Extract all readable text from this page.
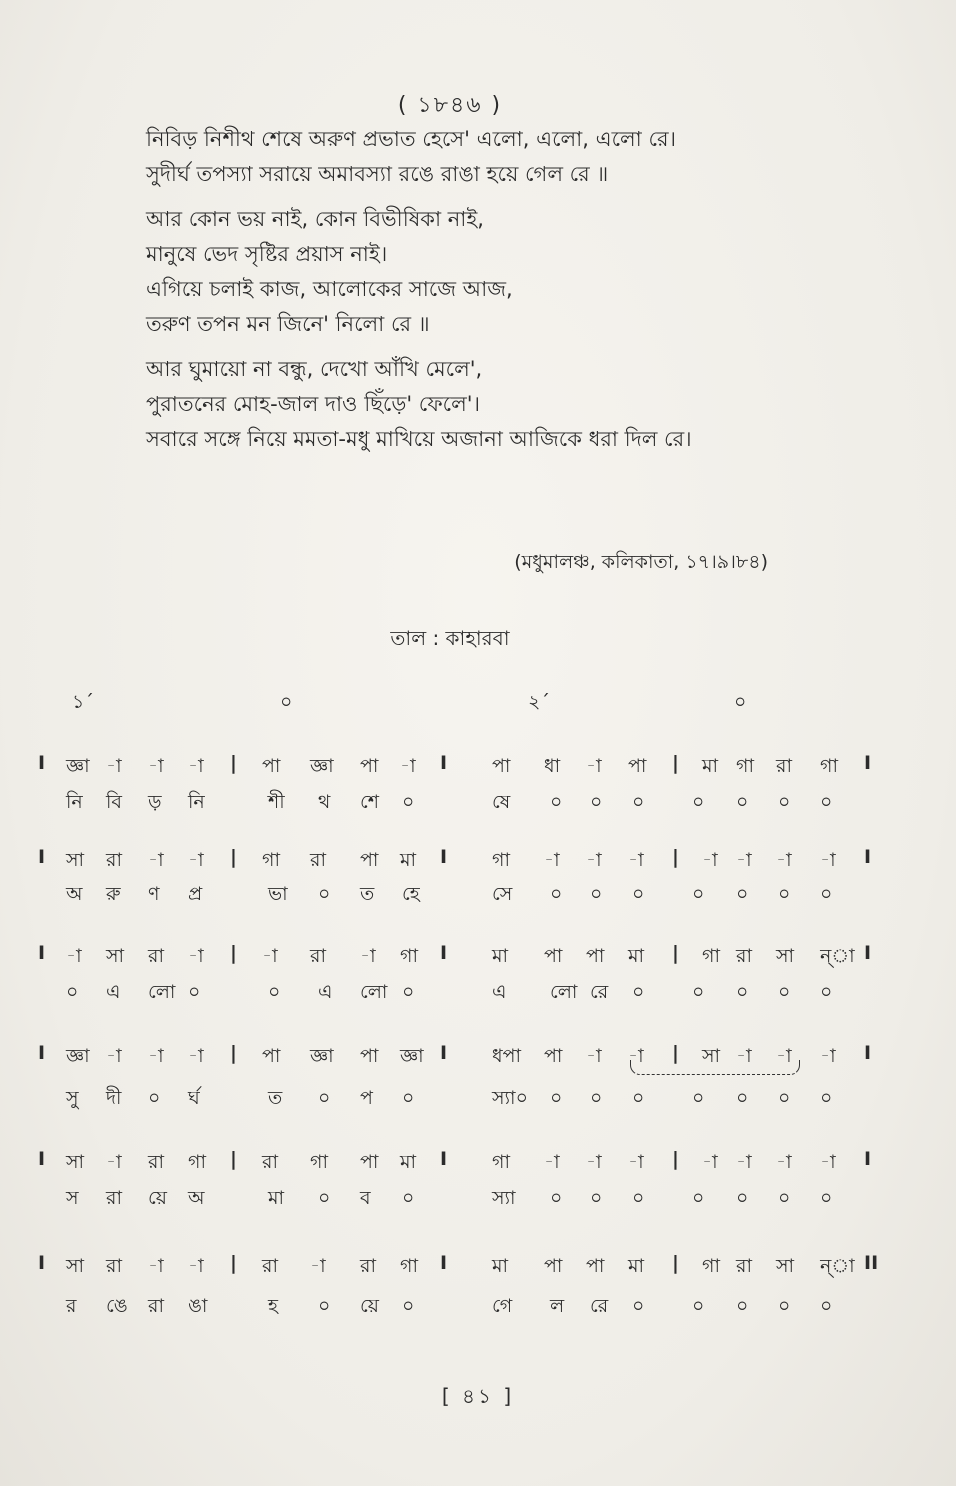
( ১৮৪৬ )
নিবিড় নিশীথ শেষে অরুণ প্রভাত হেসে' এলো, এলো, এলো রে।
সুদীর্ঘ তপস্যা সরায়ে অমাবস্যা রঙে রাঙা হয়ে গেল রে ॥
আর কোন ভয় নাই, কোন বিভীষিকা নাই,
মানুষে ভেদ সৃষ্টির প্রয়াস নাই।
এগিয়ে চলাই কাজ, আলোকের সাজে আজ,
তরুণ তপন মন জিনে' নিলো রে ॥
আর ঘুমায়ো না বন্ধু, দেখো আঁখি মেলে',
পুরাতনের মোহ-জাল দাও ছিঁড়ে' ফেলে'।
সবারে সঙ্গে নিয়ে মমতা-মধু মাখিয়ে অজানা আজিকে ধরা দিল রে।
(মধুমালঞ্চ, কলিকাতা, ১৭।৯।৮৪)
তাল : কাহারবা
১´	০	২´	০
I জ্ঞা -া -া -া | পা জ্ঞা পা -া I পা ধা -া পা | মা গা রা গা I
নি বি ড় নি	শী থ শে ০	ষে ০ ০ ০	০ ০ ০ ০
I সা রা -া -া | গা রা পা মা I গা -া -া -া | -া -া -া -া I
অ রু ণ প্র	ভা ০ ত হে	সে ০ ০ ০	০ ০ ০ ০
I -া সা রা -া | -া রা -া গা I মা পা পা মা | গা রা সা ন্‌া I
০ এ লো ০	০ এ লো ০	এ লো রে ০	০ ০ ০ ০
I জ্ঞা -া -া -া | পা জ্ঞা পা জ্ঞা I ধপা পা -া -া | সা -া -া -া I
সু দী ০ র্ঘ	ত ০ প ০	স্যা০ ০ ০ ০	০ ০ ০ ০
I সা -া রা গা | রা গা পা মা I গা -া -া -া | -া -া -া -া I
স রা য়ে অ	মা ০ ব ০	স্যা ০ ০ ০	০ ০ ০ ০
I সা রা -া -া | রা -া রা গা I মা পা পা মা | গা রা সা ন্‌া II
র ঙে রা ঙা	হ ০ য়ে ০	গে ল রে ০	০ ০ ০ ০
[ ৪১ ]
